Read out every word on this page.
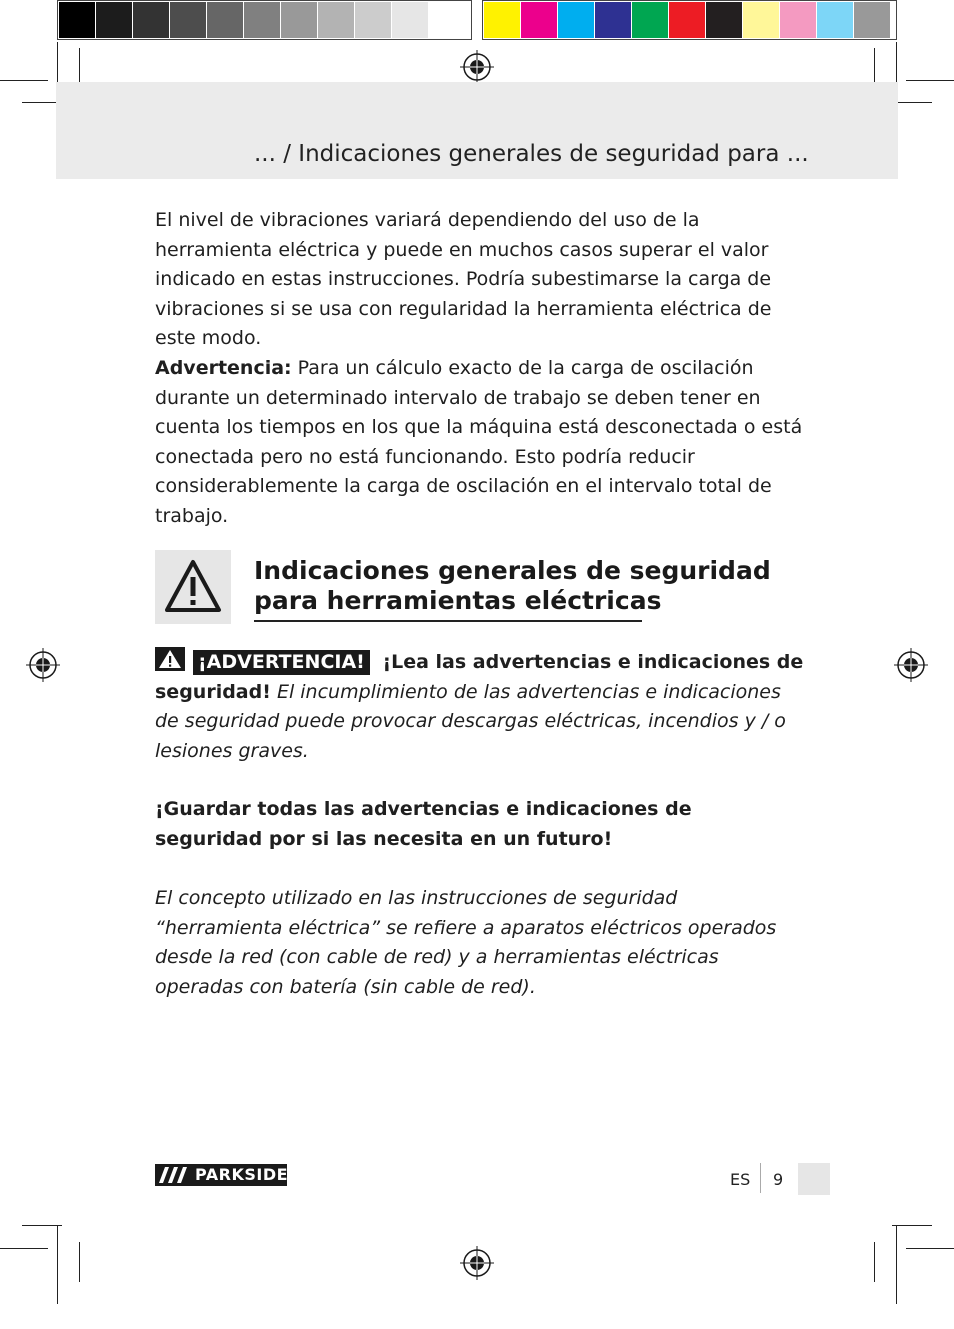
... / Indicaciones generales de seguridad para ...
El nivel de vibraciones variará dependiendo del uso de la herramienta eléctrica y puede en muchos casos superar el valor indicado en estas instrucciones. Podría subestimarse la carga de vibraciones si se usa con regularidad la herramienta eléctrica de este modo.
Advertencia: Para un cálculo exacto de la carga de oscilación durante un determinado intervalo de trabajo se deben tener en cuenta los tiempos en los que la máquina está desconectada o está conectada pero no está funcionando. Esto podría reducir considerablemente la carga de oscilación en el intervalo total de trabajo.
Indicaciones generales de seguridad para herramientas eléctricas
¡ADVERTENCIA! ¡Lea las advertencias e indicaciones de seguridad! El incumplimiento de las advertencias e indicaciones de seguridad puede provocar descargas eléctricas, incendios y / o lesiones graves.
¡Guardar todas las advertencias e indicaciones de seguridad por si las necesita en un futuro!
El concepto utilizado en las instrucciones de seguridad “herramienta eléctrica” se refiere a aparatos eléctricos operados desde la red (con cable de red) y a herramientas eléctricas operadas con batería (sin cable de red).
PARKSIDE	ES 9
